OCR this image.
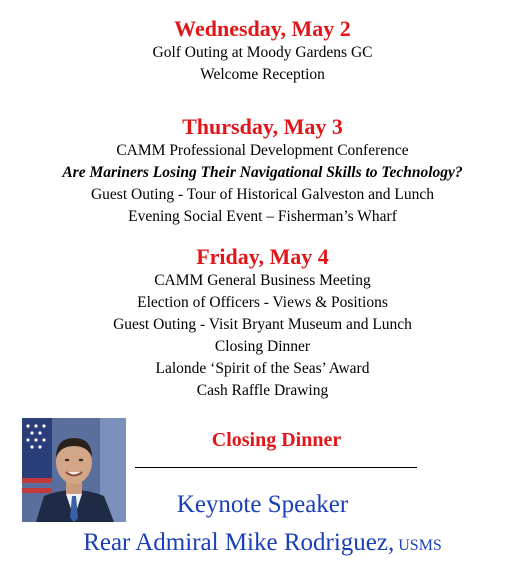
Wednesday, May 2

Golf Outing at Moody Gardens GC

Welcome Reception

Thursday, May 3

CAMM Professional Development Conference

Are Mariners Losing Their Navigational Skills to Technology?

Guest Outing - Tour of Historical Galveston and Lunch

Evening Social Event – Fisherman’s Wharf

Friday, May 4

CAMM General Business Meeting

Election of Officers - Views & Positions

Guest Outing - Visit Bryant Museum and Lunch

Closing Dinner

Lalonde ‘Spirit of the Seas’ Award

Cash Raffle Drawing

Closing Dinner
Keynote Speaker
Rear Admiral Mike Rodriguez, USMS
